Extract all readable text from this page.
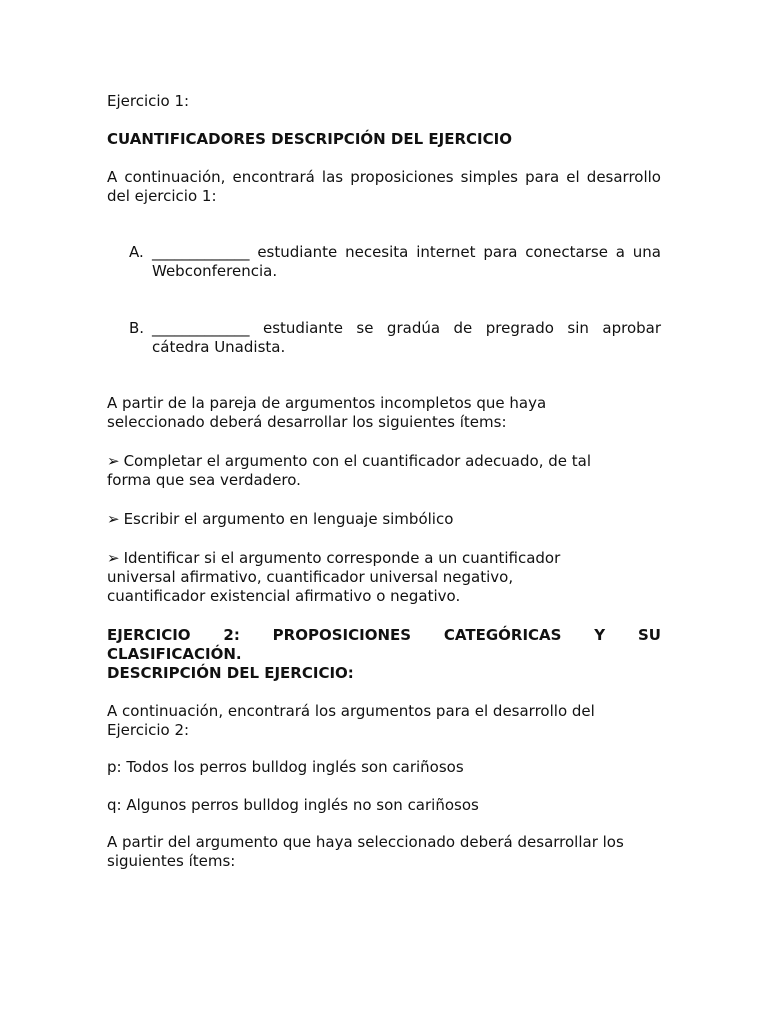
Ejercicio 1:
CUANTIFICADORES DESCRIPCIÓN DEL EJERCICIO
A continuación, encontrará las proposiciones simples para el desarrollo del ejercicio 1:
A. _____________ estudiante necesita internet para conectarse a una Webconferencia.
B. _____________ estudiante se gradúa de pregrado sin aprobar cátedra Unadista.
A partir de la pareja de argumentos incompletos que haya
seleccionado deberá desarrollar los siguientes ítems:
➢ Completar el argumento con el cuantificador adecuado, de tal
forma que sea verdadero.
➢ Escribir el argumento en lenguaje simbólico
➢ Identificar si el argumento corresponde a un cuantificador
universal afirmativo, cuantificador universal negativo,
cuantificador existencial afirmativo o negativo.
EJERCICIO 2: PROPOSICIONES CATEGÓRICAS Y SU CLASIFICACIÓN.
DESCRIPCIÓN DEL EJERCICIO:
A continuación, encontrará los argumentos para el desarrollo del
Ejercicio 2:
p: Todos los perros bulldog inglés son cariñosos
q: Algunos perros bulldog inglés no son cariñosos
A partir del argumento que haya seleccionado deberá desarrollar los
siguientes ítems:
